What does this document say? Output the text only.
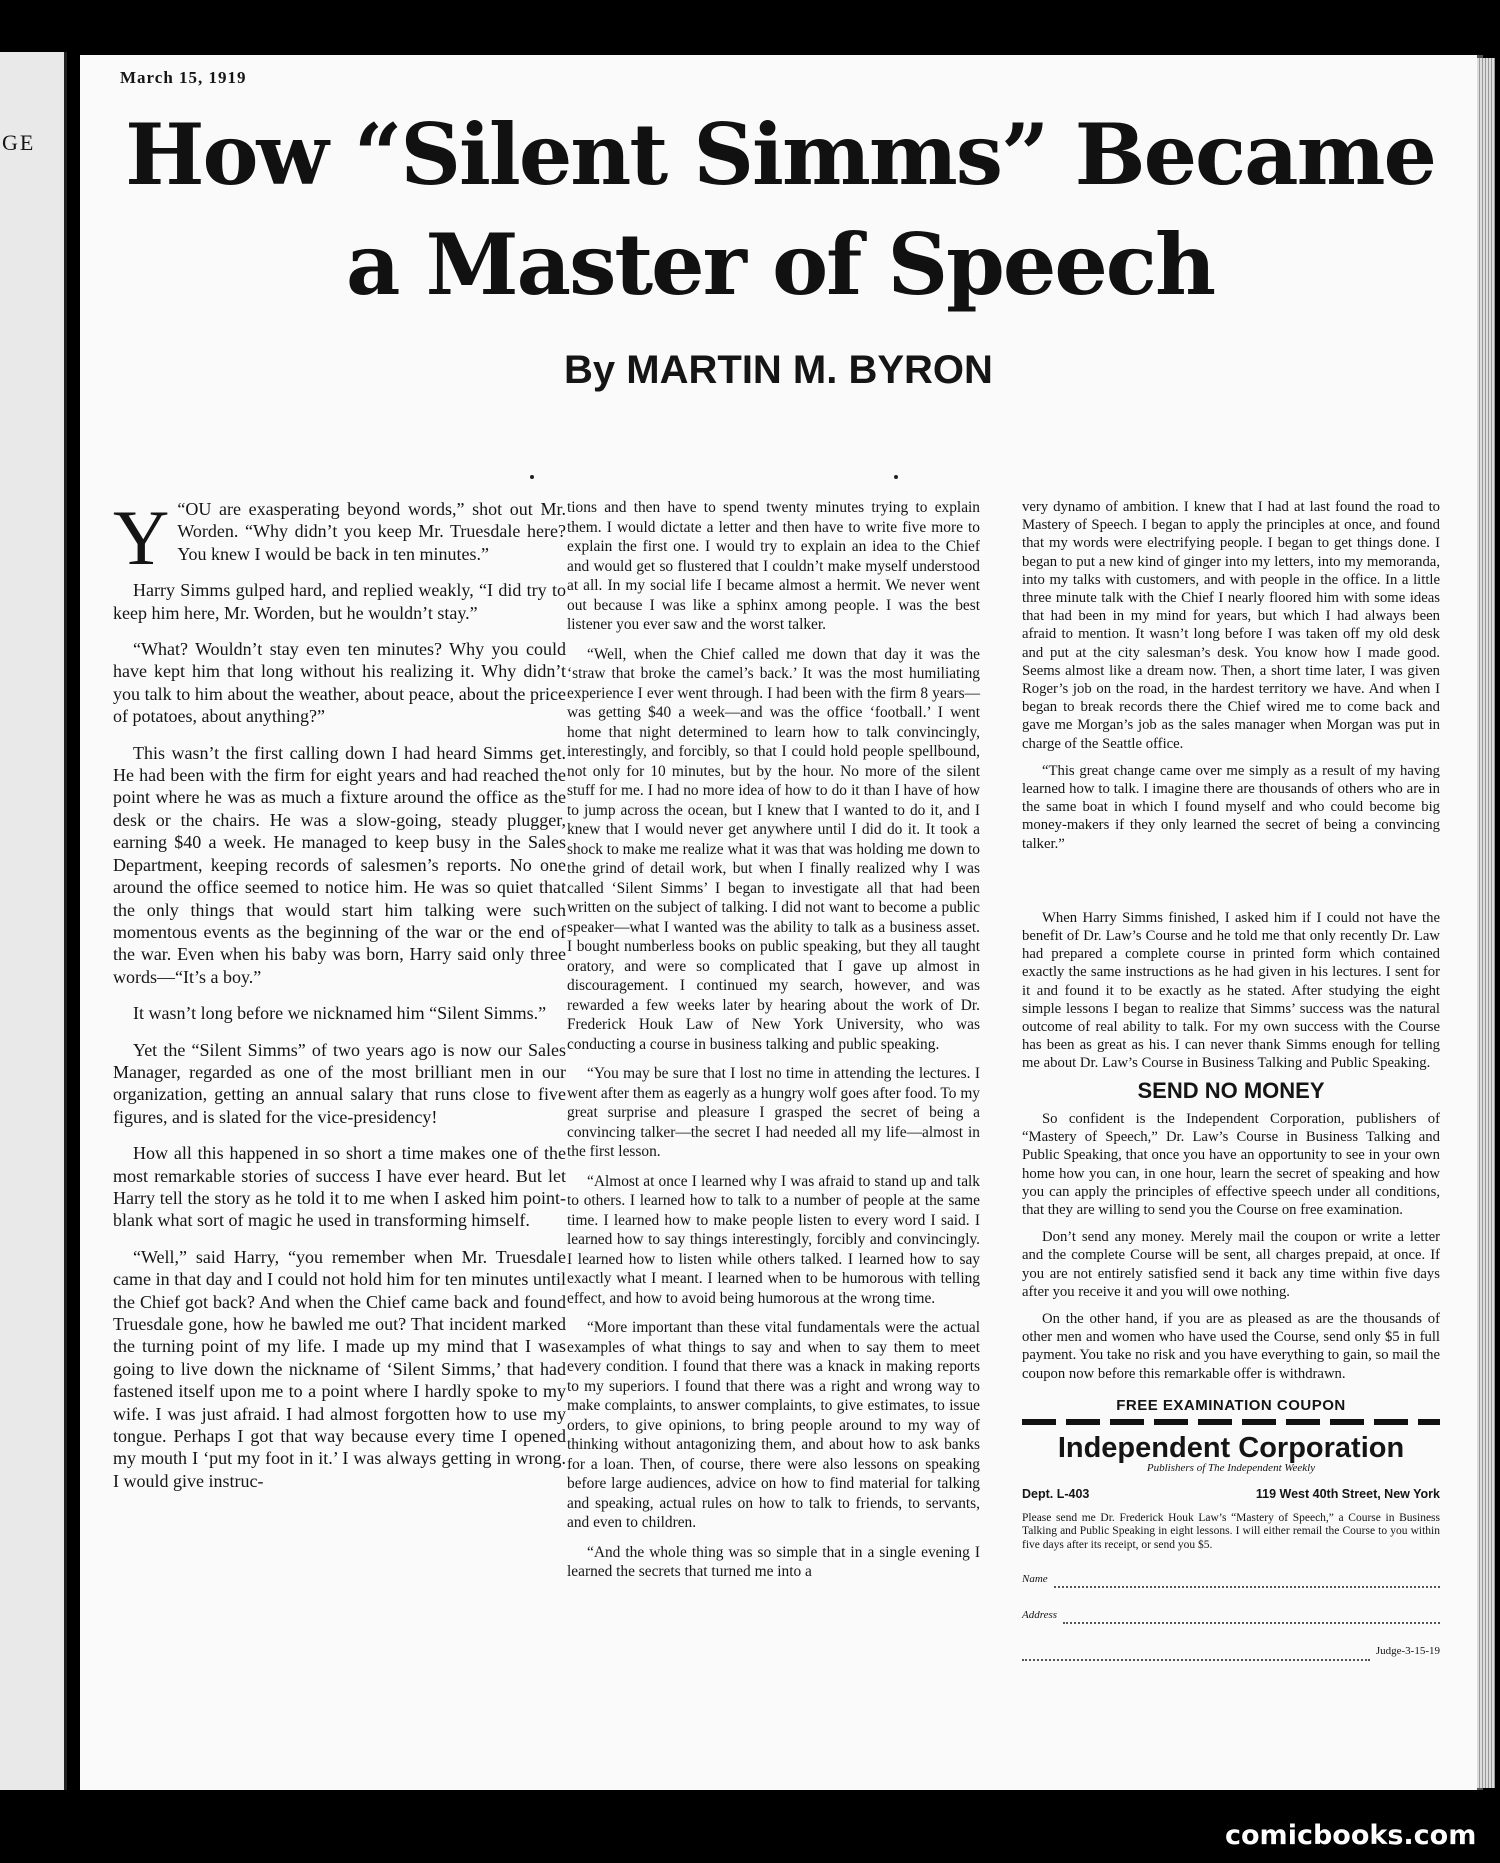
GE
March 15, 1919
How “Silent Simms” Became
a Master of Speech
By MARTIN M. BYRON

Y “OU are exasperating beyond words,” shot out Mr. Worden. “Why didn’t you keep Mr. Truesdale here? You knew I would be back in ten minutes.”

Harry Simms gulped hard, and replied weakly, “I did try to keep him here, Mr. Worden, but he wouldn’t stay.”

“What? Wouldn’t stay even ten minutes? Why you could have kept him that long without his realizing it. Why didn’t you talk to him about the weather, about peace, about the price of potatoes, about anything?”

This wasn’t the first calling down I had heard Simms get. He had been with the firm for eight years and had reached the point where he was as much a fixture around the office as the desk or the chairs. He was a slow-going, steady plugger, earning $40 a week. He managed to keep busy in the Sales Department, keeping records of salesmen’s reports. No one around the office seemed to notice him. He was so quiet that the only things that would start him talking were such momentous events as the beginning of the war or the end of the war. Even when his baby was born, Harry said only three words—“It’s a boy.”

It wasn’t long before we nicknamed him “Silent Simms.”

Yet the “Silent Simms” of two years ago is now our Sales Manager, regarded as one of the most brilliant men in our organization, getting an annual salary that runs close to five figures, and is slated for the vice-presidency!

How all this happened in so short a time makes one of the most remarkable stories of success I have ever heard. But let Harry tell the story as he told it to me when I asked him point-blank what sort of magic he used in transforming himself.

“Well,” said Harry, “you remember when Mr. Truesdale came in that day and I could not hold him for ten minutes until the Chief got back? And when the Chief came back and found Truesdale gone, how he bawled me out? That incident marked the turning point of my life. I made up my mind that I was going to live down the nickname of ‘Silent Simms,’ that had fastened itself upon me to a point where I hardly spoke to my wife. I was just afraid. I had almost forgotten how to use my tongue. Perhaps I got that way because every time I opened my mouth I ‘put my foot in it.’ I was always getting in wrong. I would give instruc-

tions and then have to spend twenty minutes trying to explain them. I would dictate a letter and then have to write five more to explain the first one. I would try to explain an idea to the Chief and would get so flustered that I couldn’t make myself understood at all. In my social life I became almost a hermit. We never went out because I was like a sphinx among people. I was the best listener you ever saw and the worst talker.

“Well, when the Chief called me down that day it was the ‘straw that broke the camel’s back.’ It was the most humiliating experience I ever went through. I had been with the firm 8 years—was getting $40 a week—and was the office ‘football.’ I went home that night determined to learn how to talk convincingly, interestingly, and forcibly, so that I could hold people spellbound, not only for 10 minutes, but by the hour. No more of the silent stuff for me. I had no more idea of how to do it than I have of how to jump across the ocean, but I knew that I wanted to do it, and I knew that I would never get anywhere until I did do it. It took a shock to make me realize what it was that was holding me down to the grind of detail work, but when I finally realized why I was called ‘Silent Simms’ I began to investigate all that had been written on the subject of talking. I did not want to become a public speaker—what I wanted was the ability to talk as a business asset. I bought numberless books on public speaking, but they all taught oratory, and were so complicated that I gave up almost in discouragement. I continued my search, however, and was rewarded a few weeks later by hearing about the work of Dr. Frederick Houk Law of New York University, who was conducting a course in business talking and public speaking.

“You may be sure that I lost no time in attending the lectures. I went after them as eagerly as a hungry wolf goes after food. To my great surprise and pleasure I grasped the secret of being a convincing talker—the secret I had needed all my life—almost in the first lesson.

“Almost at once I learned why I was afraid to stand up and talk to others. I learned how to talk to a number of people at the same time. I learned how to make people listen to every word I said. I learned how to say things interestingly, forcibly and convincingly. I learned how to listen while others talked. I learned how to say exactly what I meant. I learned when to be humorous with telling effect, and how to avoid being humorous at the wrong time.

“More important than these vital fundamentals were the actual examples of what things to say and when to say them to meet every condition. I found that there was a knack in making reports to my superiors. I found that there was a right and wrong way to make complaints, to answer complaints, to give estimates, to issue orders, to give opinions, to bring people around to my way of thinking without antagonizing them, and about how to ask banks for a loan. Then, of course, there were also lessons on speaking before large audiences, advice on how to find material for talking and speaking, actual rules on how to talk to friends, to servants, and even to children.

“And the whole thing was so simple that in a single evening I learned the secrets that turned me into a

very dynamo of ambition. I knew that I had at last found the road to Mastery of Speech. I began to apply the principles at once, and found that my words were electrifying people. I began to get things done. I began to put a new kind of ginger into my letters, into my memoranda, into my talks with customers, and with people in the office. In a little three minute talk with the Chief I nearly floored him with some ideas that had been in my mind for years, but which I had always been afraid to mention. It wasn’t long before I was taken off my old desk and put at the city salesman’s desk. You know how I made good. Seems almost like a dream now. Then, a short time later, I was given Roger’s job on the road, in the hardest territory we have. And when I began to break records there the Chief wired me to come back and gave me Morgan’s job as the sales manager when Morgan was put in charge of the Seattle office.

“This great change came over me simply as a result of my having learned how to talk. I imagine there are thousands of others who are in the same boat in which I found myself and who could become big money-makers if they only learned the secret of being a convincing talker.”

When Harry Simms finished, I asked him if I could not have the benefit of Dr. Law’s Course and he told me that only recently Dr. Law had prepared a complete course in printed form which contained exactly the same instructions as he had given in his lectures. I sent for it and found it to be exactly as he stated. After studying the eight simple lessons I began to realize that Simms’ success was the natural outcome of real ability to talk. For my own success with the Course has been as great as his. I can never thank Simms enough for telling me about Dr. Law’s Course in Business Talking and Public Speaking.

SEND NO MONEY

So confident is the Independent Corporation, publishers of “Mastery of Speech,” Dr. Law’s Course in Business Talking and Public Speaking, that once you have an opportunity to see in your own home how you can, in one hour, learn the secret of speaking and how you can apply the principles of effective speech under all conditions, that they are willing to send you the Course on free examination.

Don’t send any money. Merely mail the coupon or write a letter and the complete Course will be sent, all charges prepaid, at once. If you are not entirely satisfied send it back any time within five days after you receive it and you will owe nothing.

On the other hand, if you are as pleased as are the thousands of other men and women who have used the Course, send only $5 in full payment. You take no risk and you have everything to gain, so mail the coupon now before this remarkable offer is withdrawn.

FREE EXAMINATION COUPON
Independent Corporation
Publishers of The Independent Weekly
Dept. L-403	119 West 40th Street, New York
Please send me Dr. Frederick Houk Law’s “Mastery of Speech,” a Course in Business Talking and Public Speaking in eight lessons. I will either remail the Course to you within five days after its receipt, or send you $5.
Name
Address
Judge-3-15-19
comicbooks.com
